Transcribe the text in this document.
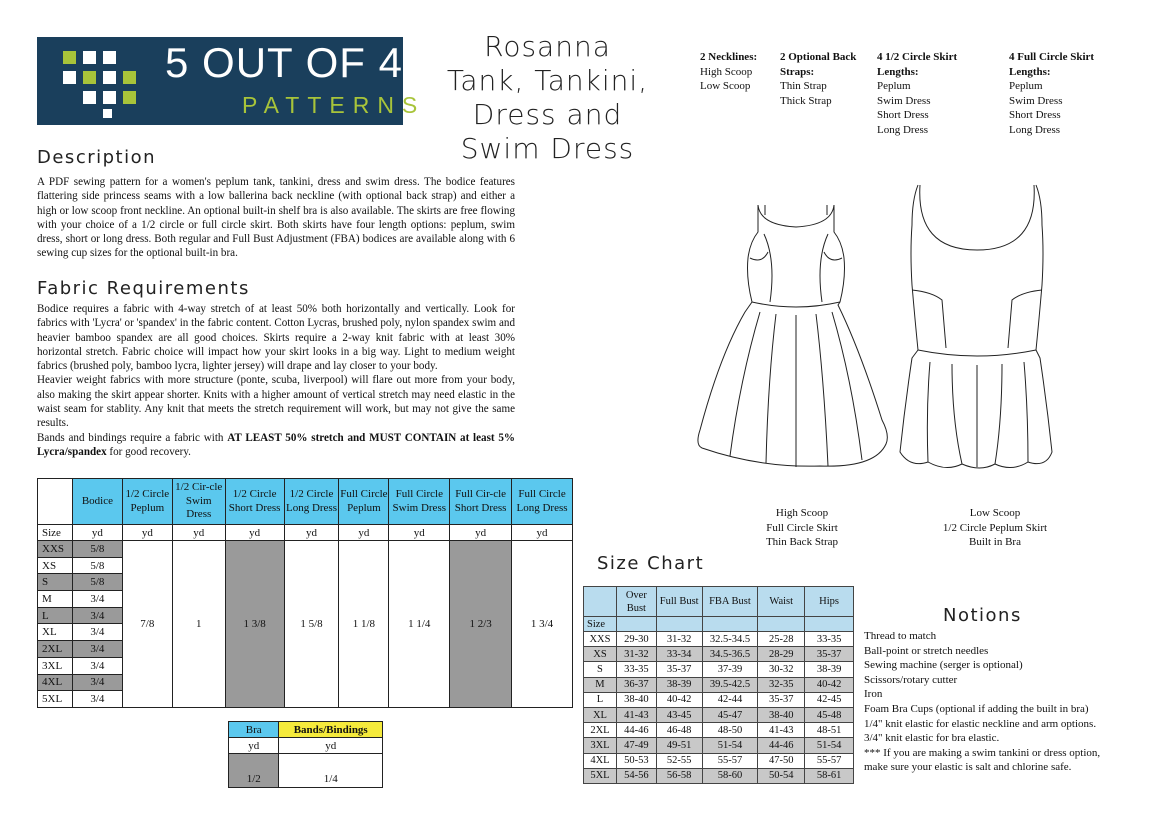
5 OUT OF 4
PATTERNS
Rosanna
Tank, Tankini,
Dress and
Swim Dress
2 Necklines:
High Scoop
Low Scoop
2 Optional Back Straps:
Thin Strap
Thick Strap
4 1/2 Circle Skirt Lengths:
Peplum
Swim Dress
Short Dress
Long Dress
4 Full Circle Skirt Lengths:
Peplum
Swim Dress
Short Dress
Long Dress
Description

A PDF sewing pattern for a women's peplum tank, tankini, dress and swim dress. The bodice features flattering side princess seams with a low ballerina back neckline (with optional back strap) and either a high or low scoop front neckline. An optional built-in shelf bra is also available. The skirts are free flowing with your choice of a 1/2 circle or full circle skirt. Both skirts have four length options: peplum, swim dress, short or long dress. Both regular and Full Bust Adjustment (FBA) bodices are available along with 6 sewing cup sizes for the optional built-in bra.

Fabric Requirements

Bodice requires a fabric with 4-way stretch of at least 50% both horizontally and vertically. Look for fabrics with 'Lycra' or 'spandex' in the fabric content. Cotton Lycras, brushed poly, nylon spandex swim and heavier bamboo spandex are all good choices. Skirts require a 2-way knit fabric with at least 30% horizontal stretch. Fabric choice will impact how your skirt looks in a big way. Light to medium weight fabrics (brushed poly, bamboo lycra, lighter jersey) will drape and lay closer to your body.

Heavier weight fabrics with more structure (ponte, scuba, liverpool) will flare out more from your body, also making the skirt appear shorter. Knits with a higher amount of vertical stretch may need elastic in the waist seam for stablity. Any knit that meets the stretch requirement will work, but may not give the same results.

Bands and bindings require a fabric with AT LEAST 50% stretch and MUST CONTAIN at least 5% Lycra/spandex for good recovery.

	Bodice	1/2 Circle Peplum	1/2 Cir-cle Swim Dress	1/2 Circle Short Dress	1/2 Circle Long Dress	Full Circle Peplum	Full Circle Swim Dress	Full Cir-cle Short Dress	Full Circle Long Dress
Size	yd	yd	yd	yd	yd	yd	yd	yd	yd
XXS	5/8	7/8	1	1 3/8	1 5/8	1 1/8	1 1/4	1 2/3	1 3/4
XS	5/8								
S	5/8								
M	3/4								
L	3/4								
XL	3/4								
2XL	3/4								
3XL	3/4								
4XL	3/4								
5XL	3/4								
Bra	Bands/Bindings
yd	yd
1/2	1/4
High Scoop
Full Circle Skirt
Thin Back Strap
Low Scoop
1/2 Circle Peplum Skirt
Built in Bra
Size Chart
	Over Bust	Full Bust	FBA Bust	Waist	Hips
Size					
XXS	29-30	31-32	32.5-34.5	25-28	33-35
XS	31-32	33-34	34.5-36.5	28-29	35-37
S	33-35	35-37	37-39	30-32	38-39
M	36-37	38-39	39.5-42.5	32-35	40-42
L	38-40	40-42	42-44	35-37	42-45
XL	41-43	43-45	45-47	38-40	45-48
2XL	44-46	46-48	48-50	41-43	48-51
3XL	47-49	49-51	51-54	44-46	51-54
4XL	50-53	52-55	55-57	47-50	55-57
5XL	54-56	56-58	58-60	50-54	58-61
Notions
Thread to match
Ball-point or stretch needles
Sewing machine (serger is optional)
Scissors/rotary cutter
Iron
Foam Bra Cups (optional if adding the built in bra)
1/4" knit elastic for elastic neckline and arm options.
3/4" knit elastic for bra elastic.
*** If you are making a swim tankini or dress option,
make sure your elastic is salt and chlorine safe.
